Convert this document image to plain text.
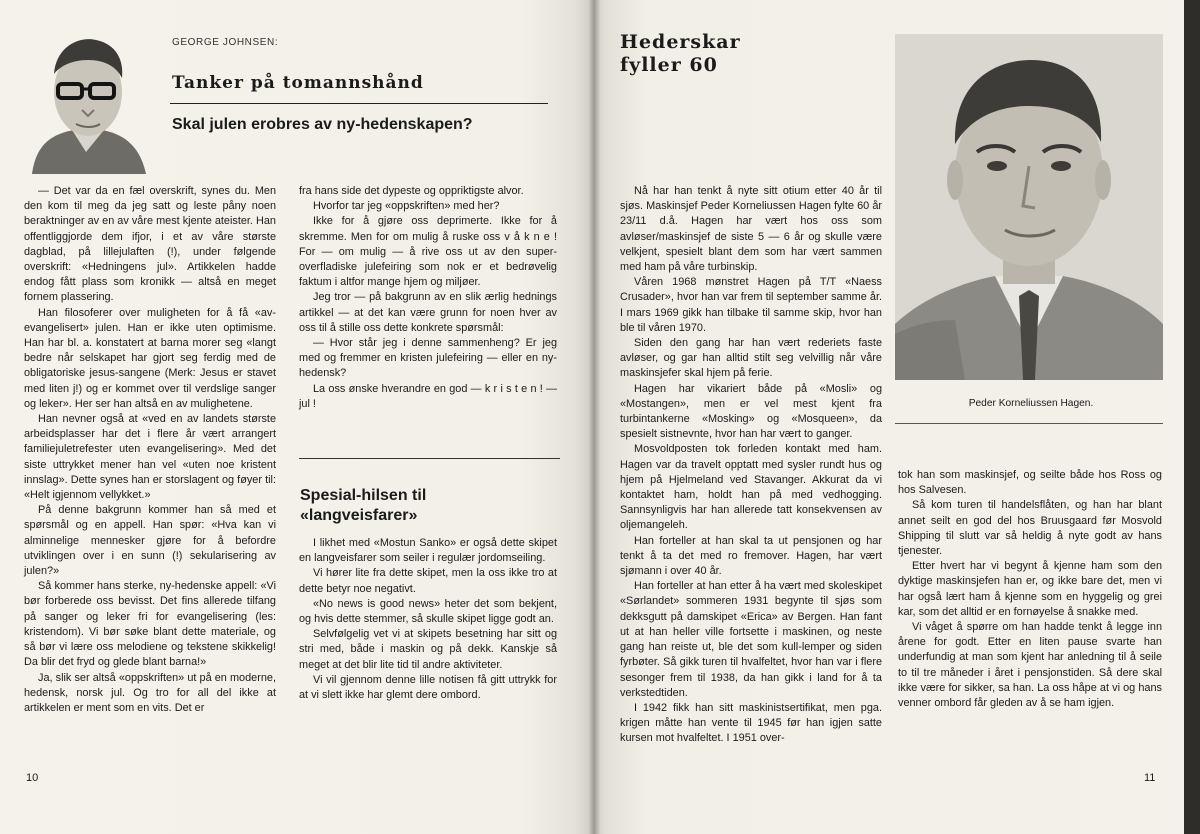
GEORGE JOHNSEN:
Tanker på tomannshånd
Skal julen erobres av ny-hedenskapen?

— Det var da en fæl overskrift, synes du. Men den kom til meg da jeg satt og leste påny noen beraktninger av en av våre mest kjente ateister. Han offentliggjorde dem ifjor, i et av våre største dagblad, på lillejulaften (!), under følgende overskrift: «Hedningens jul». Artikkelen hadde endog fått plass som kronikk — altså en meget fornem plassering.

Han filosoferer over muligheten for å få «av-evangelisert» julen. Han er ikke uten optimisme. Han har bl. a. konstatert at barna morer seg «langt bedre når selskapet har gjort seg ferdig med de obligatoriske jesus-sangene (Merk: Jesus er stavet med liten j!) og er kommet over til verdslige sanger og leker». Her ser han altså en av mulighetene.

Han nevner også at «ved en av landets største arbeidsplasser har det i flere år vært arrangert familiejuletrefester uten evangelisering». Med det siste uttrykket mener han vel «uten noe kristent innslag». Dette synes han er storslagent og føyer til: «Helt igjennom vellykket.»

På denne bakgrunn kommer han så med et spørsmål og en appell. Han spør: «Hva kan vi alminnelige mennesker gjøre for å befordre utviklingen over i en sunn (!) sekularisering av julen?»

Så kommer hans sterke, ny-hedenske appell: «Vi bør forberede oss bevisst. Det fins allerede tilfang på sanger og leker fri for evangelisering (les: kristendom). Vi bør søke blant dette materiale, og så bør vi lære oss melodiene og tekstene skikkelig! Da blir det fryd og glede blant barna!»

Ja, slik ser altså «oppskriften» ut på en moderne, hedensk, norsk jul. Og tro for all del ikke at artikkelen er ment som en vits. Det er

fra hans side det dypeste og oppriktigste alvor.

Hvorfor tar jeg «oppskriften» med her?

Ikke for å gjøre oss deprimerte. Ikke for å skremme. Men for om mulig å ruske oss v å k n e ! For — om mulig — å rive oss ut av den super-overfladiske julefeiring som nok er et bedrøvelig faktum i altfor mange hjem og miljøer.

Jeg tror — på bakgrunn av en slik ærlig hednings artikkel — at det kan være grunn for noen hver av oss til å stille oss dette konkrete spørsmål:

— Hvor står jeg i denne sammenheng? Er jeg med og fremmer en kristen julefeiring — eller en ny-hedensk?

La oss ønske hverandre en god — k r i s t e n ! — jul !

Spesial-hilsen til
«langveisfarer»

I likhet med «Mostun Sanko» er også dette skipet en langveisfarer som seiler i regulær jordomseiling.

Vi hører lite fra dette skipet, men la oss ikke tro at dette betyr noe negativt.

«No news is good news» heter det som bekjent, og hvis dette stemmer, så skulle skipet ligge godt an.

Selvfølgelig vet vi at skipets besetning har sitt og stri med, både i maskin og på dekk. Kanskje så meget at det blir lite tid til andre aktiviteter.

Vi vil gjennom denne lille notisen få gitt uttrykk for at vi slett ikke har glemt dere ombord.

10
Hederskar
fyller 60
Peder Korneliussen Hagen.

Nå har han tenkt å nyte sitt otium etter 40 år til sjøs. Maskinsjef Peder Korneliussen Hagen fylte 60 år 23/11 d.å. Hagen har vært hos oss som avløser/maskinsjef de siste 5 — 6 år og skulle være velkjent, spesielt blant dem som har vært sammen med ham på våre turbinskip.

Våren 1968 mønstret Hagen på T/T «Naess Crusader», hvor han var frem til september samme år. I mars 1969 gikk han tilbake til samme skip, hvor han ble til våren 1970.

Siden den gang har han vært rederiets faste avløser, og gar han alltid stilt seg velvillig når våre maskinsjefer skal hjem på ferie.

Hagen har vikariert både på «Mosli» og «Mostangen», men er vel mest kjent fra turbintankerne «Mosking» og «Mosqueen», da spesielt sistnevnte, hvor han har vært to ganger.

Mosvoldposten tok forleden kontakt med ham. Hagen var da travelt opptatt med sysler rundt hus og hjem på Hjelmeland ved Stavanger. Akkurat da vi kontaktet ham, holdt han på med vedhogging. Sannsynligvis har han allerede tatt konsekvensen av oljemangeleh.

Han forteller at han skal ta ut pensjonen og har tenkt å ta det med ro fremover. Hagen, har vært sjømann i over 40 år.

Han forteller at han etter å ha vært med skoleskipet «Sørlandet» sommeren 1931 begynte til sjøs som dekksgutt på damskipet «Erica» av Bergen. Han fant ut at han heller ville fortsette i maskinen, og neste gang han reiste ut, ble det som kull-lemper og siden fyrbøter. Så gikk turen til hvalfeltet, hvor han var i flere sesonger frem til 1938, da han gikk i land for å ta verkstedtiden.

I 1942 fikk han sitt maskinistsertifikat, men pga. krigen måtte han vente til 1945 før han igjen satte kursen mot hvalfeltet. I 1951 over-

tok han som maskinsjef, og seilte både hos Ross og hos Salvesen.

Så kom turen til handelsflåten, og han har blant annet seilt en god del hos Bruusgaard før Mosvold Shipping til slutt var så heldig å nyte godt av hans tjenester.

Etter hvert har vi begynt å kjenne ham som den dyktige maskinsjefen han er, og ikke bare det, men vi har også lært ham å kjenne som en hyggelig og grei kar, som det alltid er en fornøyelse å snakke med.

Vi våget å spørre om han hadde tenkt å legge inn årene for godt. Etter en liten pause svarte han underfundig at man som kjent har anledning til å seile to til tre måneder i året i pensjonstiden. Så dere skal ikke være for sikker, sa han. La oss håpe at vi og hans venner ombord får gleden av å se ham igjen.

11
